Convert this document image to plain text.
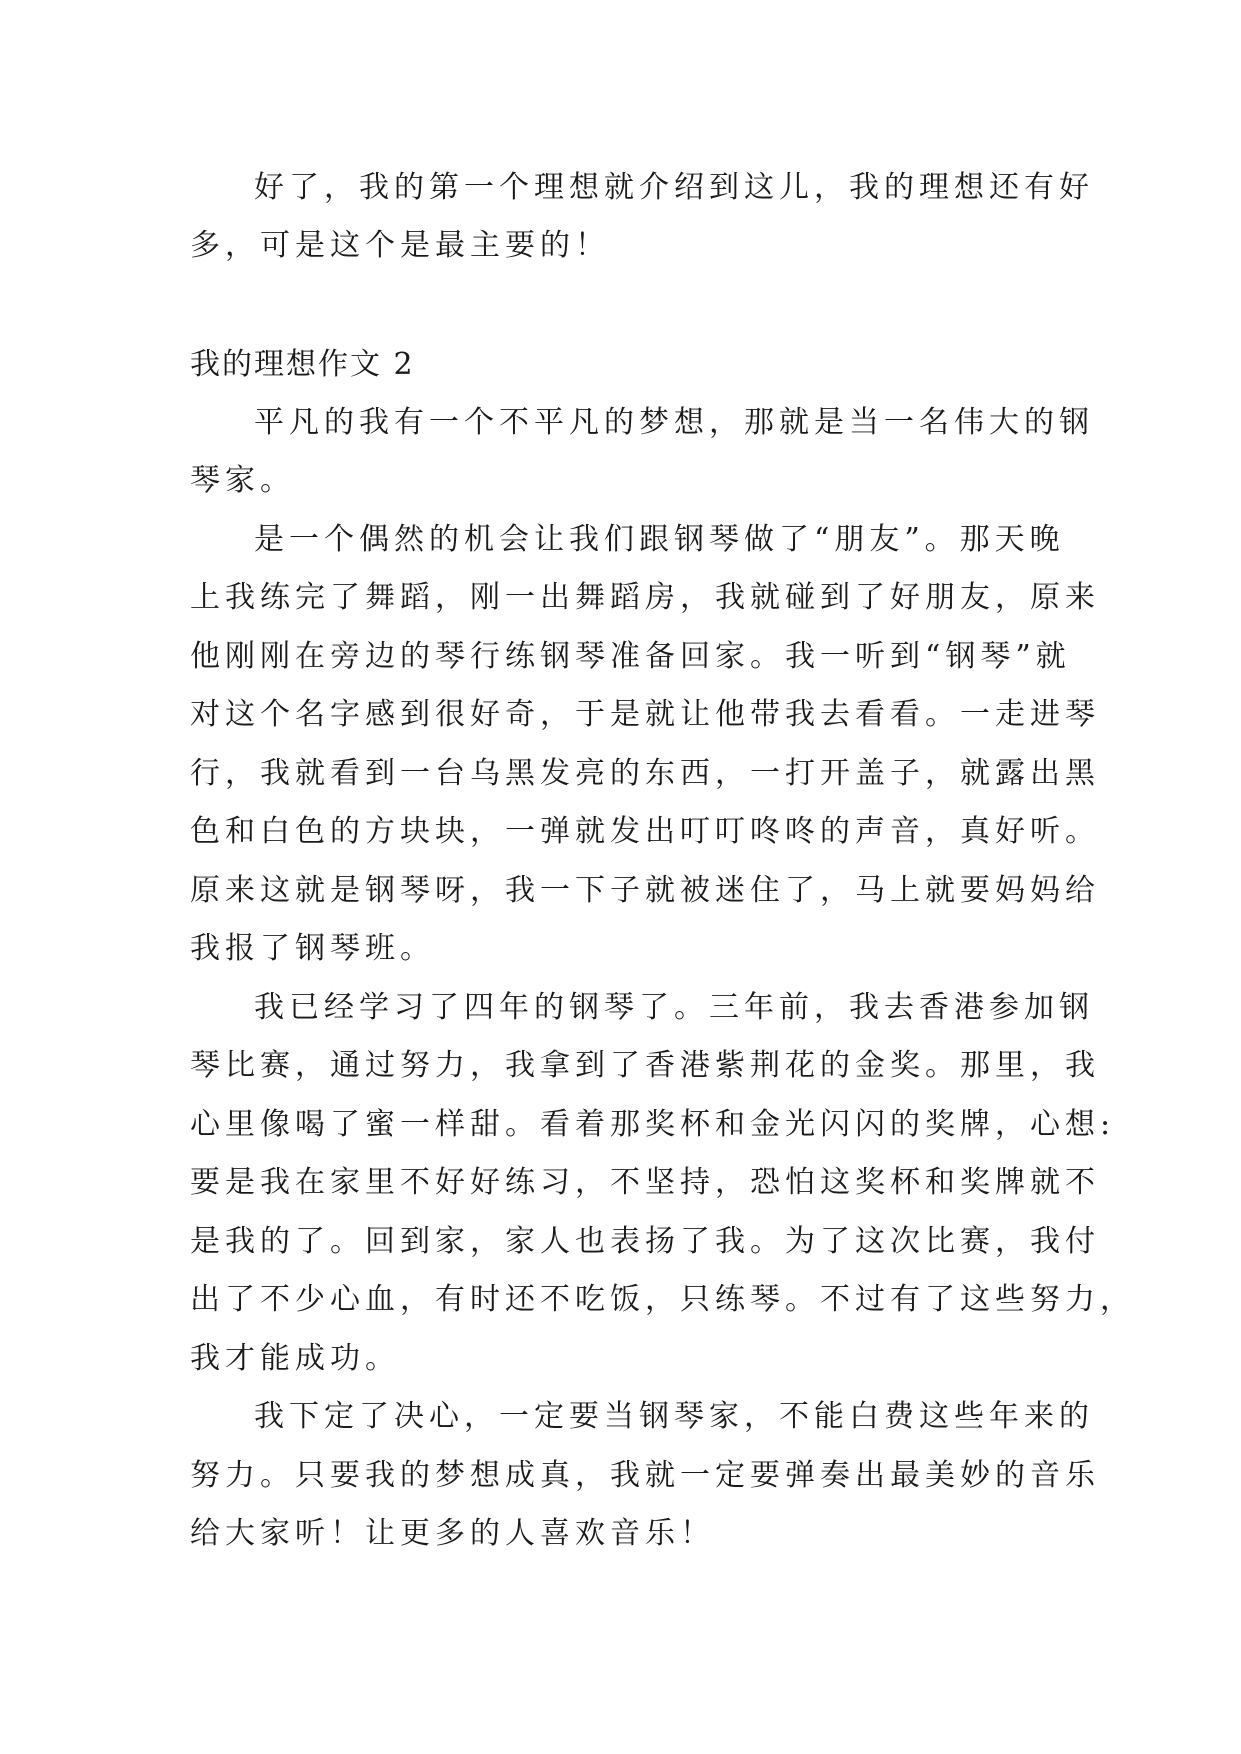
好了，我的第一个理想就介绍到这儿，我的理想还有好
多，可是这个是最主要的！
我的理想作文 2
平凡的我有一个不平凡的梦想，那就是当一名伟大的钢
琴家。
是一个偶然的机会让我们跟钢琴做了“朋友”。那天晚
上我练完了舞蹈，刚一出舞蹈房，我就碰到了好朋友，原来
他刚刚在旁边的琴行练钢琴准备回家。我一听到“钢琴”就
对这个名字感到很好奇，于是就让他带我去看看。一走进琴
行，我就看到一台乌黑发亮的东西，一打开盖子，就露出黑
色和白色的方块块，一弹就发出叮叮咚咚的声音，真好听。
原来这就是钢琴呀，我一下子就被迷住了，马上就要妈妈给
我报了钢琴班。
我已经学习了四年的钢琴了。三年前，我去香港参加钢
琴比赛，通过努力，我拿到了香港紫荆花的金奖。那里，我
心里像喝了蜜一样甜。看着那奖杯和金光闪闪的奖牌，心想:
要是我在家里不好好练习，不坚持，恐怕这奖杯和奖牌就不
是我的了。回到家，家人也表扬了我。为了这次比赛，我付
出了不少心血，有时还不吃饭，只练琴。不过有了这些努力，
我才能成功。
我下定了决心，一定要当钢琴家，不能白费这些年来的
努力。只要我的梦想成真，我就一定要弹奏出最美妙的音乐
给大家听！让更多的人喜欢音乐！
